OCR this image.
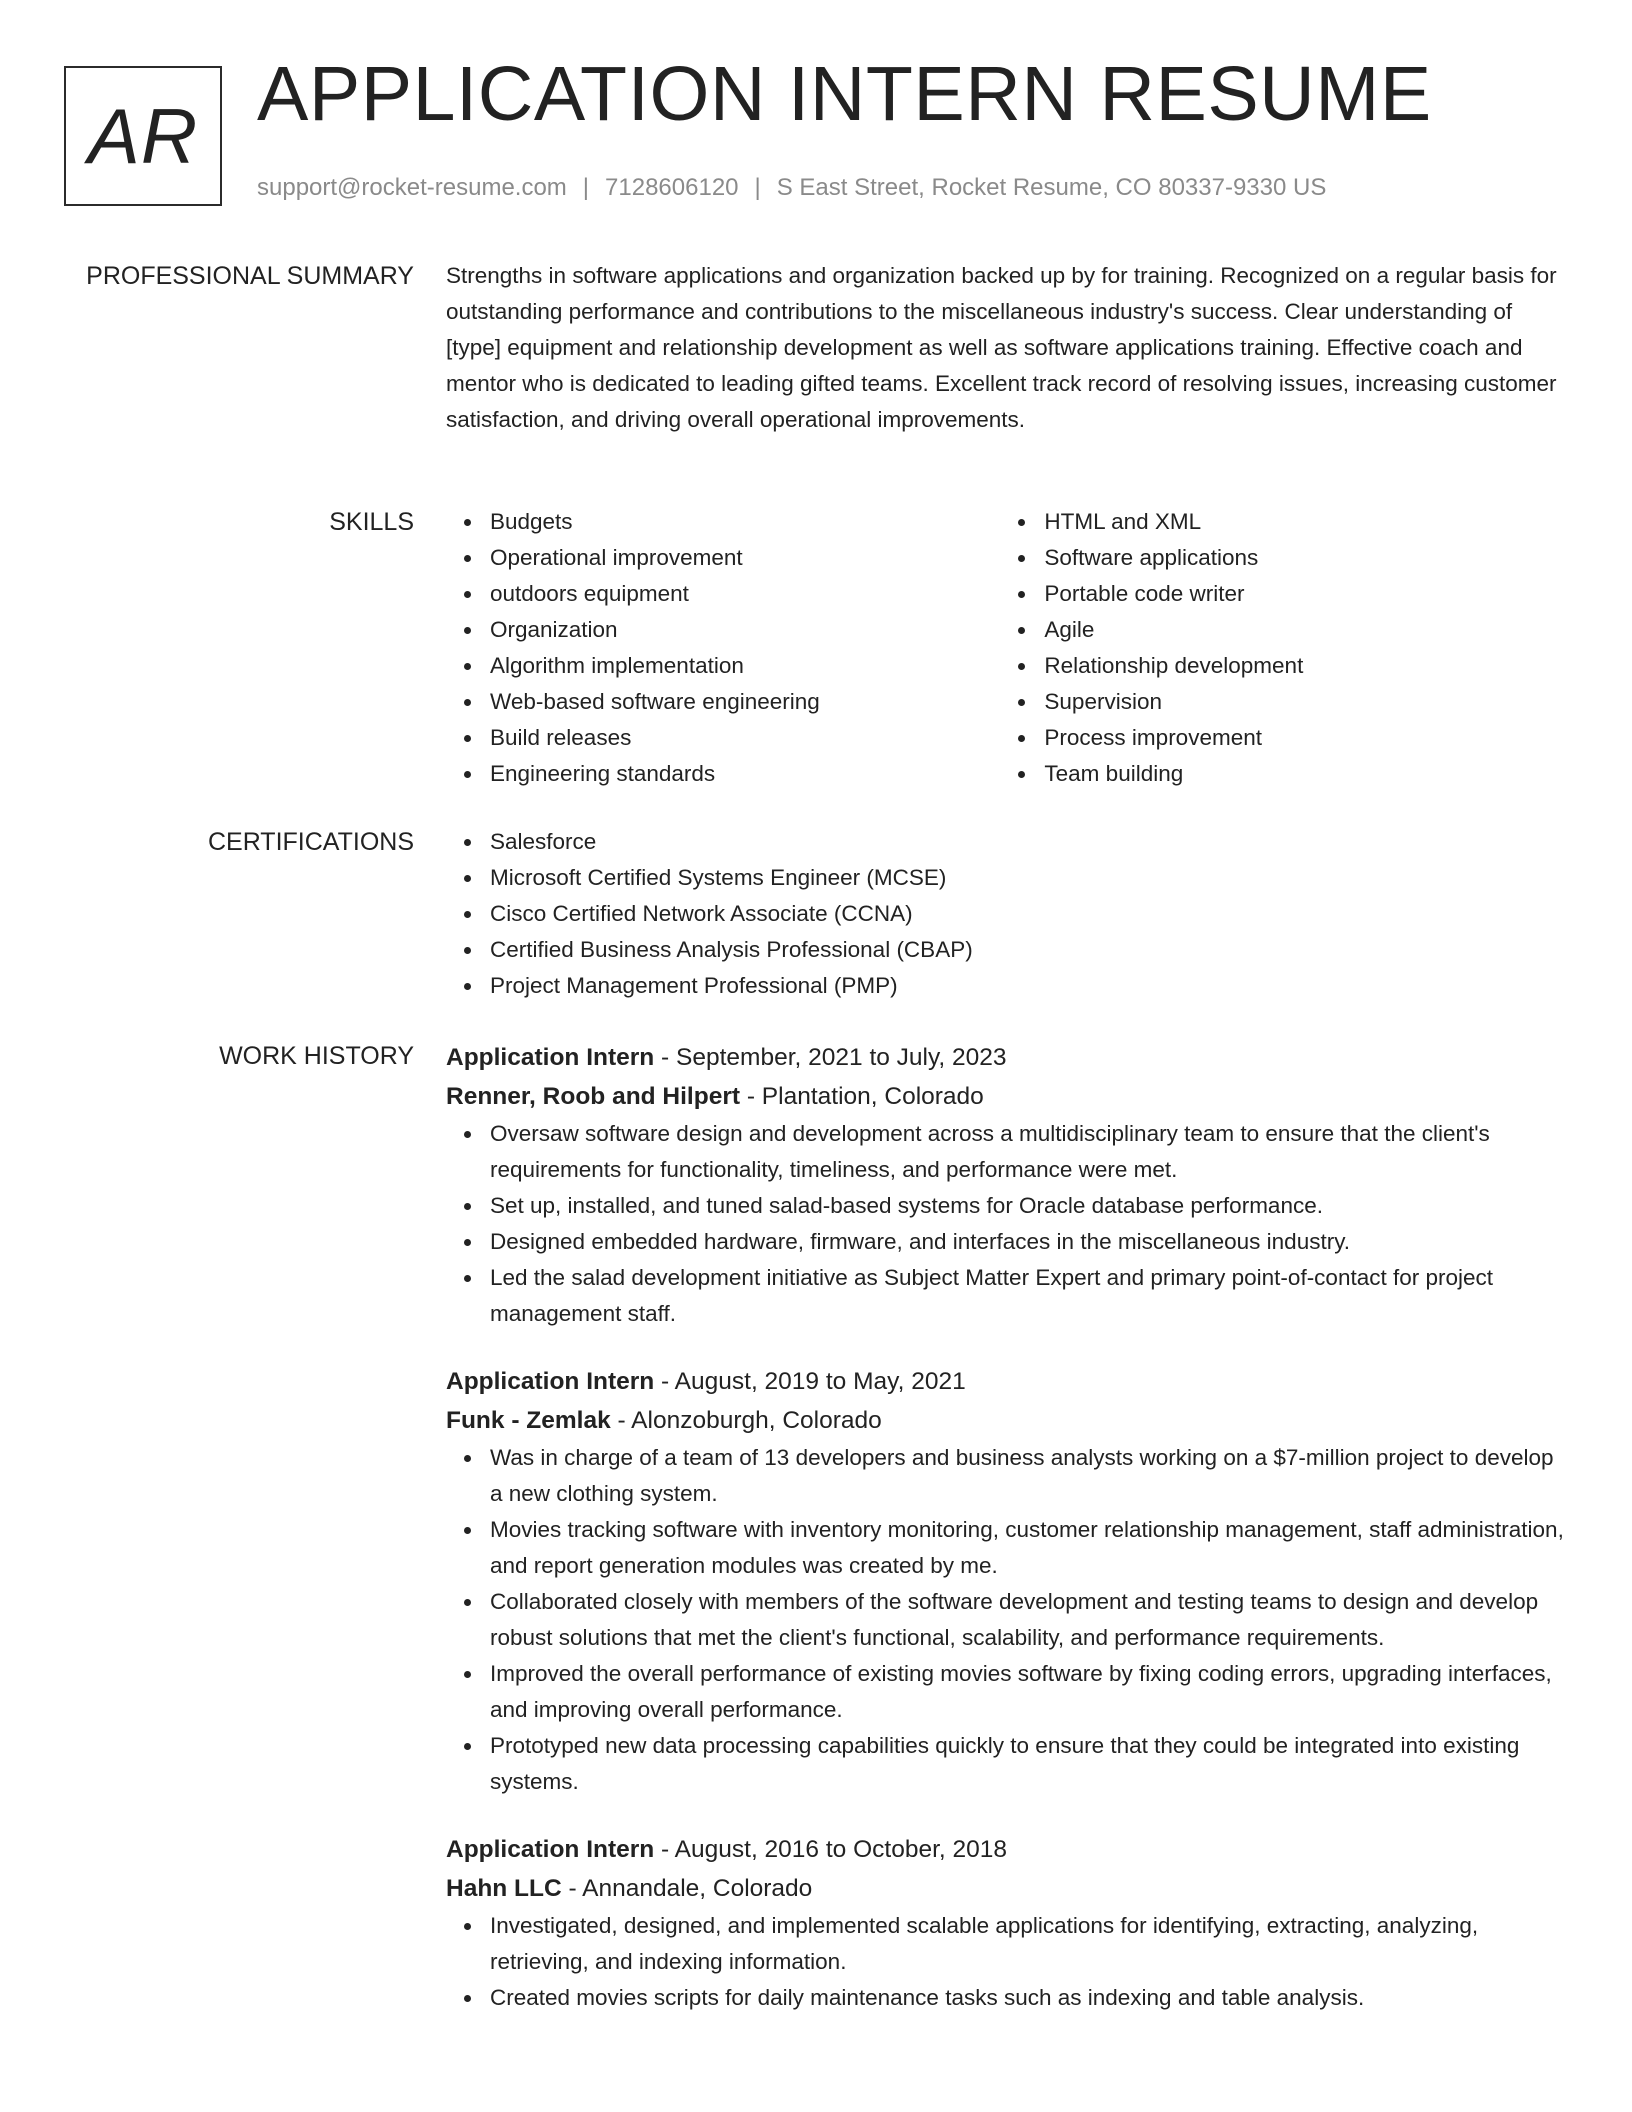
AR APPLICATION INTERN RESUME
support@rocket-resume.com | 7128606120 | S East Street, Rocket Resume, CO 80337-9330 US
PROFESSIONAL SUMMARY Strengths in software applications and organization backed up by for training. Recognized on a regular basis for outstanding performance and contributions to the miscellaneous industry's success. Clear understanding of [type] equipment and relationship development as well as software applications training. Effective coach and mentor who is dedicated to leading gifted teams. Excellent track record of resolving issues, increasing customer satisfaction, and driving overall operational improvements.

SKILLS	Budgets
Operational improvement
outdoors equipment
Organization
Algorithm implementation
Web-based software engineering
Build releases
Engineering standards
HTML and XML
Software applications
Portable code writer
Agile
Relationship development
Supervision
Process improvement
Team building
CERTIFICATIONS	Salesforce
Microsoft Certified Systems Engineer (MCSE)
Cisco Certified Network Associate (CCNA)
Certified Business Analysis Professional (CBAP)
Project Management Professional (PMP)
WORK HISTORY Application Intern - September, 2021 to July, 2023
Renner, Roob and Hilpert - Plantation, Colorado
Oversaw software design and development across a multidisciplinary team to ensure that the client's requirements for functionality, timeliness, and performance were met.
Set up, installed, and tuned salad-based systems for Oracle database performance.
Designed embedded hardware, firmware, and interfaces in the miscellaneous industry.
Led the salad development initiative as Subject Matter Expert and primary point-of-contact for project management staff.
Application Intern - August, 2019 to May, 2021
Funk - Zemlak - Alonzoburgh, Colorado
Was in charge of a team of 13 developers and business analysts working on a $7-million project to develop a new clothing system.
Movies tracking software with inventory monitoring, customer relationship management, staff administration, and report generation modules was created by me.
Collaborated closely with members of the software development and testing teams to design and develop robust solutions that met the client's functional, scalability, and performance requirements.
Improved the overall performance of existing movies software by fixing coding errors, upgrading interfaces, and improving overall performance.
Prototyped new data processing capabilities quickly to ensure that they could be integrated into existing systems.
Application Intern - August, 2016 to October, 2018
Hahn LLC - Annandale, Colorado
Investigated, designed, and implemented scalable applications for identifying, extracting, analyzing, retrieving, and indexing information.
Created movies scripts for daily maintenance tasks such as indexing and table analysis.
